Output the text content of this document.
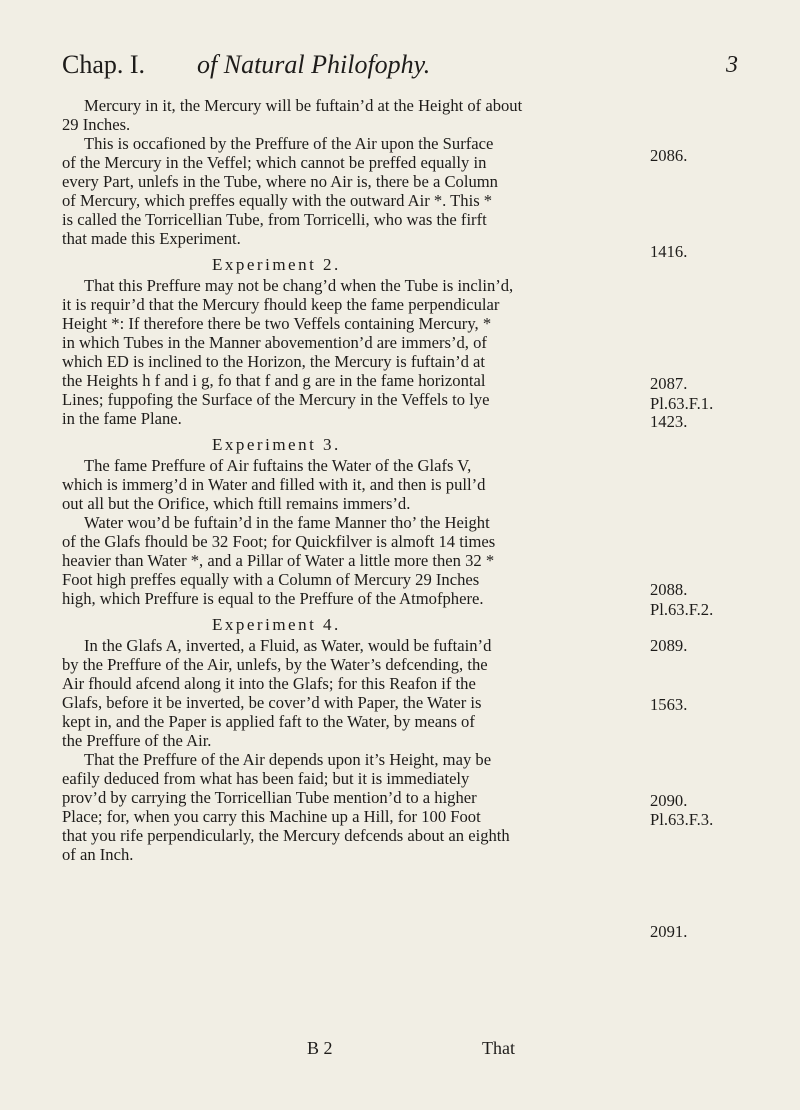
Chap. I. of Natural Philofophy.	3
Mercury in it, the Mercury will be fuftain’d at the Height of about
29 Inches.
This is occafioned by the Preffure of the Air upon the Surface
of the Mercury in the Veffel; which cannot be preffed equally in
every Part, unlefs in the Tube, where no Air is, there be a Column
of Mercury, which preffes equally with the outward Air *. This *
is called the Torricellian Tube, from Torricelli, who was the firft
that made this Experiment.
Experiment 2.
That this Preffure may not be chang’d when the Tube is inclin’d,
it is requir’d that the Mercury fhould keep the fame perpendicular
Height *: If therefore there be two Veffels containing Mercury, *
in which Tubes in the Manner abovemention’d are immers’d, of
which ED is inclined to the Horizon, the Mercury is fuftain’d at
the Heights h f and i g, fo that f and g are in the fame horizontal
Lines; fuppofing the Surface of the Mercury in the Veffels to lye
in the fame Plane.
Experiment 3.
The fame Preffure of Air fuftains the Water of the Glafs V,
which is immerg’d in Water and filled with it, and then is pull’d
out all but the Orifice, which ftill remains immers’d.
Water wou’d be fuftain’d in the fame Manner tho’ the Height
of the Glafs fhould be 32 Foot; for Quickfilver is almoft 14 times
heavier than Water *, and a Pillar of Water a little more then 32 *
Foot high preffes equally with a Column of Mercury 29 Inches
high, which Preffure is equal to the Preffure of the Atmofphere.
Experiment 4.
In the Glafs A, inverted, a Fluid, as Water, would be fuftain’d
by the Preffure of the Air, unlefs, by the Water’s defcending, the
Air fhould afcend along it into the Glafs; for this Reafon if the
Glafs, before it be inverted, be cover’d with Paper, the Water is
kept in, and the Paper is applied faft to the Water, by means of
the Preffure of the Air.
That the Preffure of the Air depends upon it’s Height, may be
eafily deduced from what has been faid; but it is immediately
prov’d by carrying the Torricellian Tube mention’d to a higher
Place; for, when you carry this Machine up a Hill, for 100 Foot
that you rife perpendicularly, the Mercury defcends about an eighth
of an Inch.
2086.
1416.
2087.
Pl.63.F.1.
1423.
2088.
Pl.63.F.2.
2089.
1563.
2090.
Pl.63.F.3.
2091.
B 2	That
